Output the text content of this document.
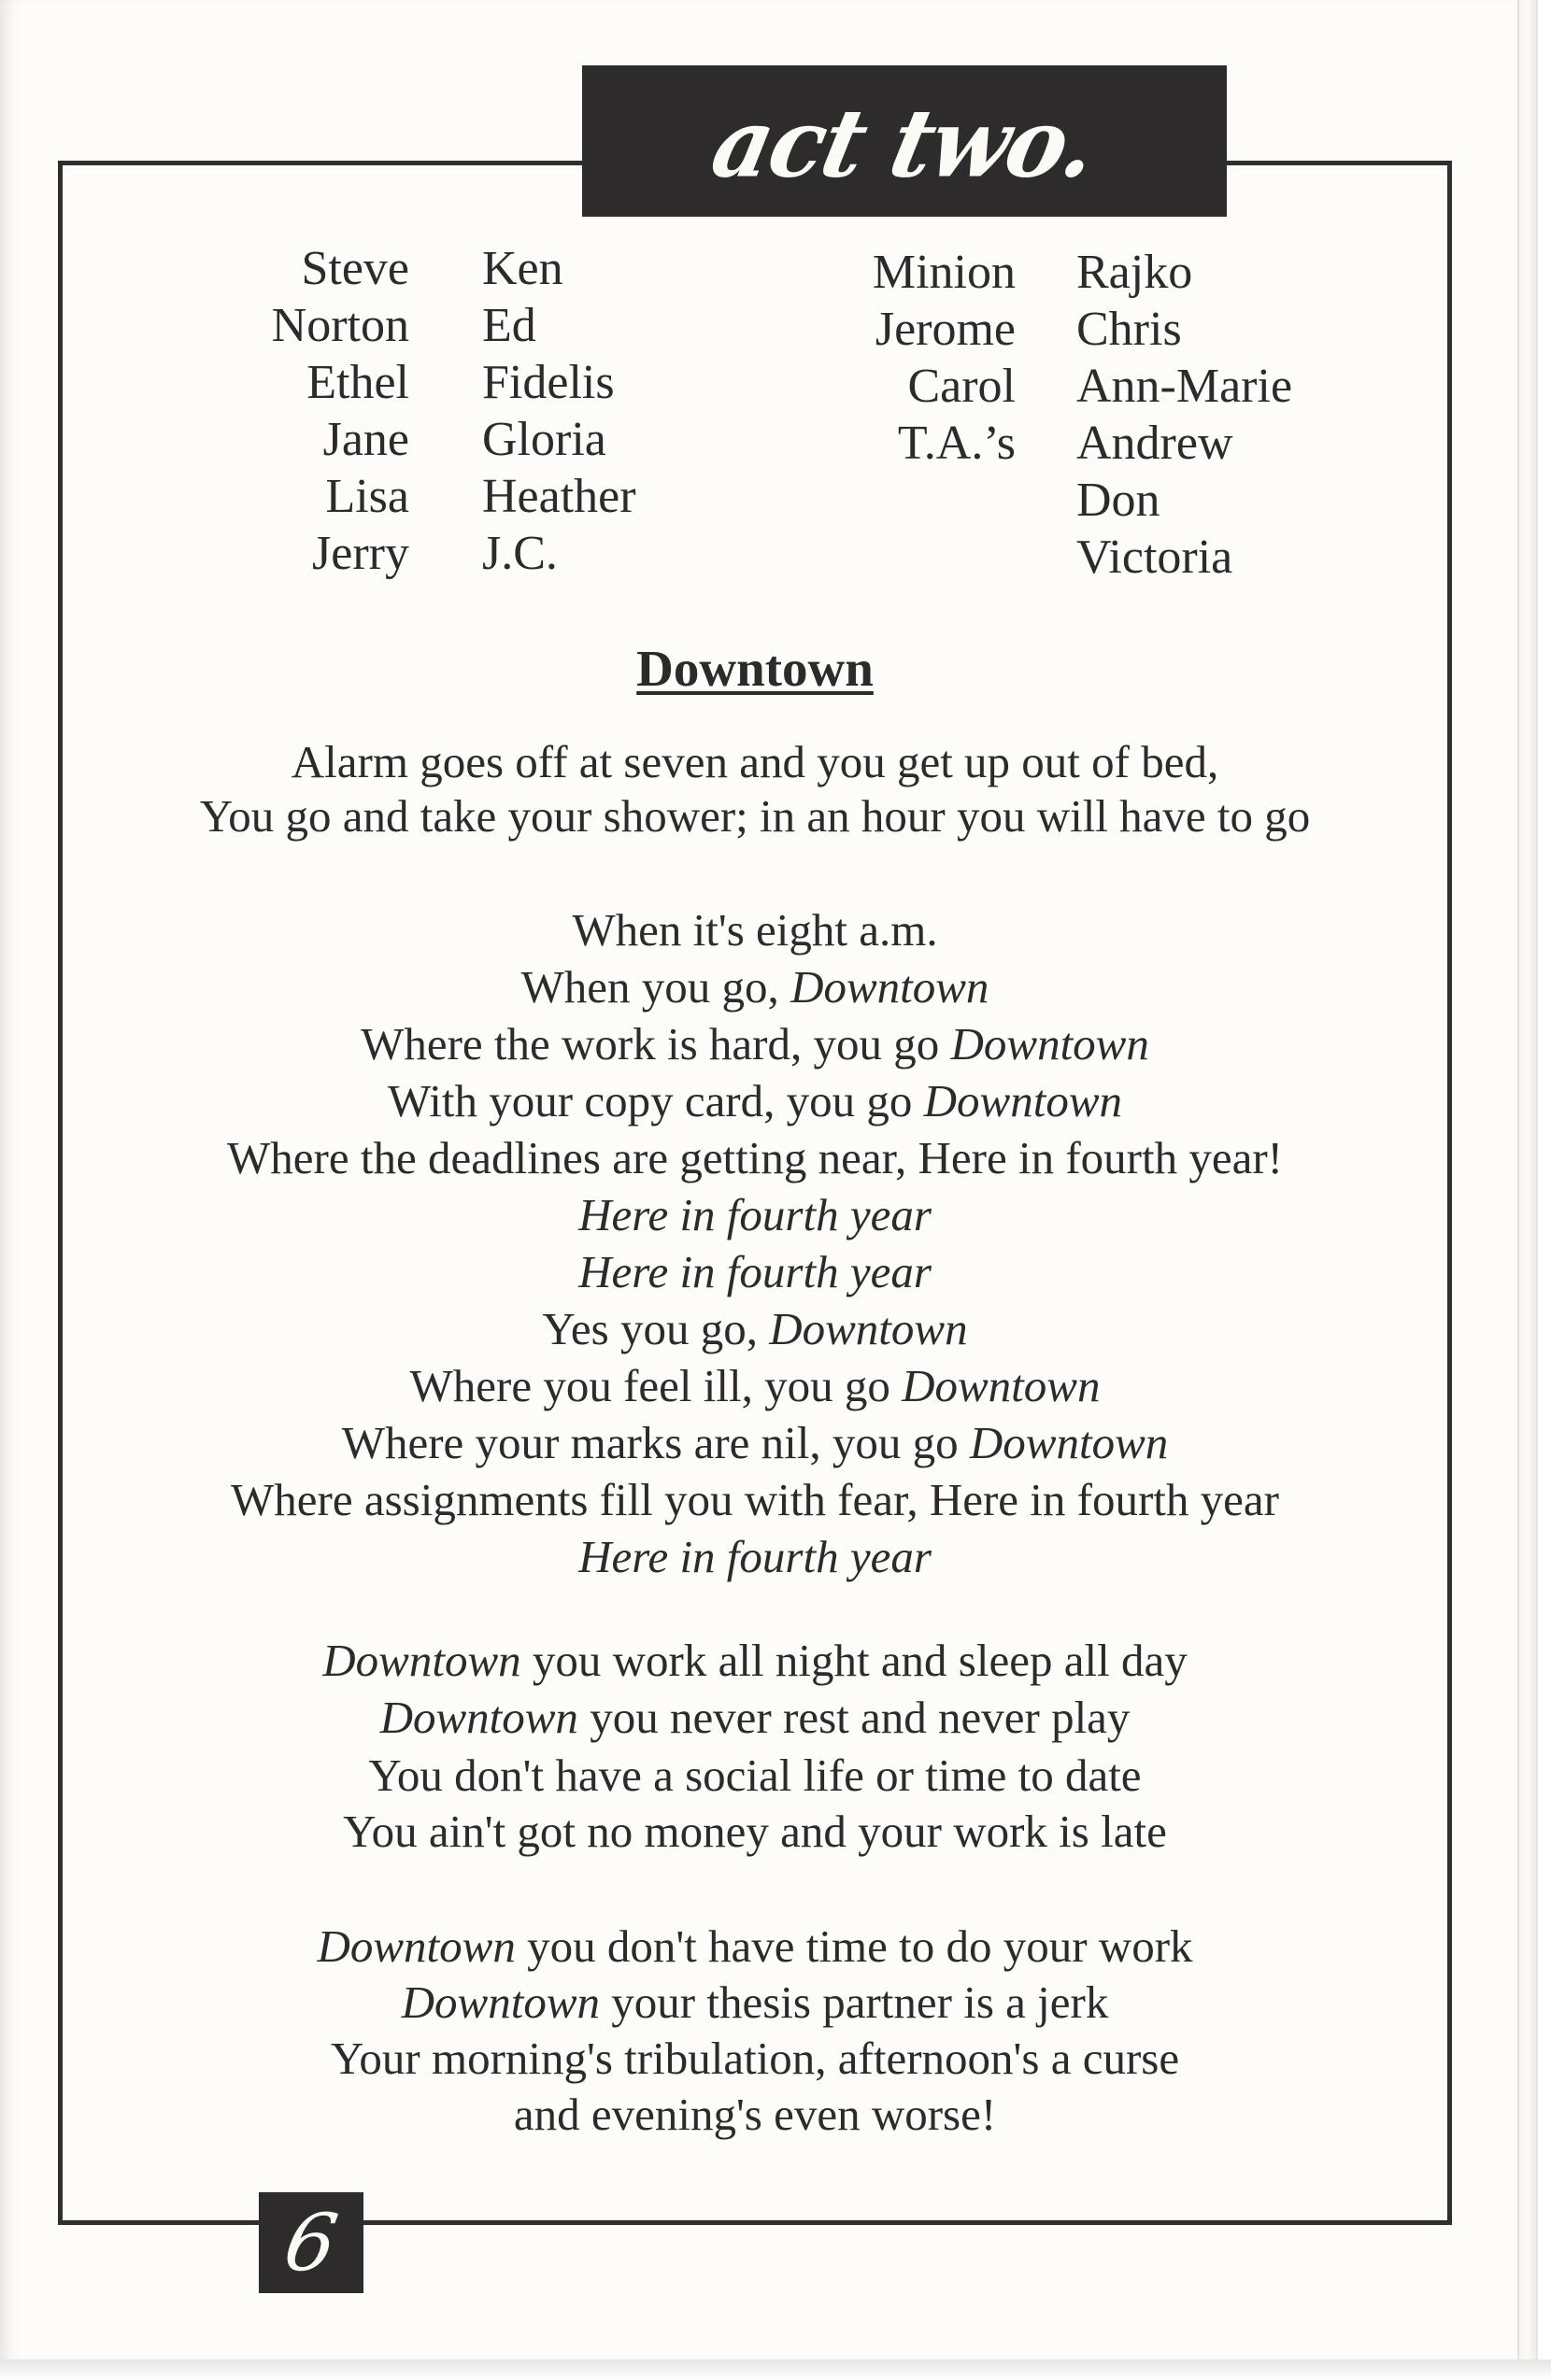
act two.
Steve
Norton
Ethel
Jane
Lisa
Jerry
Ken
Ed
Fidelis
Gloria
Heather
J.C.
Minion
Jerome
Carol
T.A.’s
Rajko
Chris
Ann-Marie
Andrew
Don
Victoria
Downtown
Alarm goes off at seven and you get up out of bed,
You go and take your shower; in an hour you will have to go
When it's eight a.m.
When you go, Downtown
Where the work is hard, you go Downtown
With your copy card, you go Downtown
Where the deadlines are getting near, Here in fourth year!
Here in fourth year
Here in fourth year
Yes you go, Downtown
Where you feel ill, you go Downtown
Where your marks are nil, you go Downtown
Where assignments fill you with fear, Here in fourth year
Here in fourth year
Downtown you work all night and sleep all day
Downtown you never rest and never play
You don't have a social life or time to date
You ain't got no money and your work is late
Downtown you don't have time to do your work
Downtown your thesis partner is a jerk
Your morning's tribulation, afternoon's a curse
and evening's even worse!
6
